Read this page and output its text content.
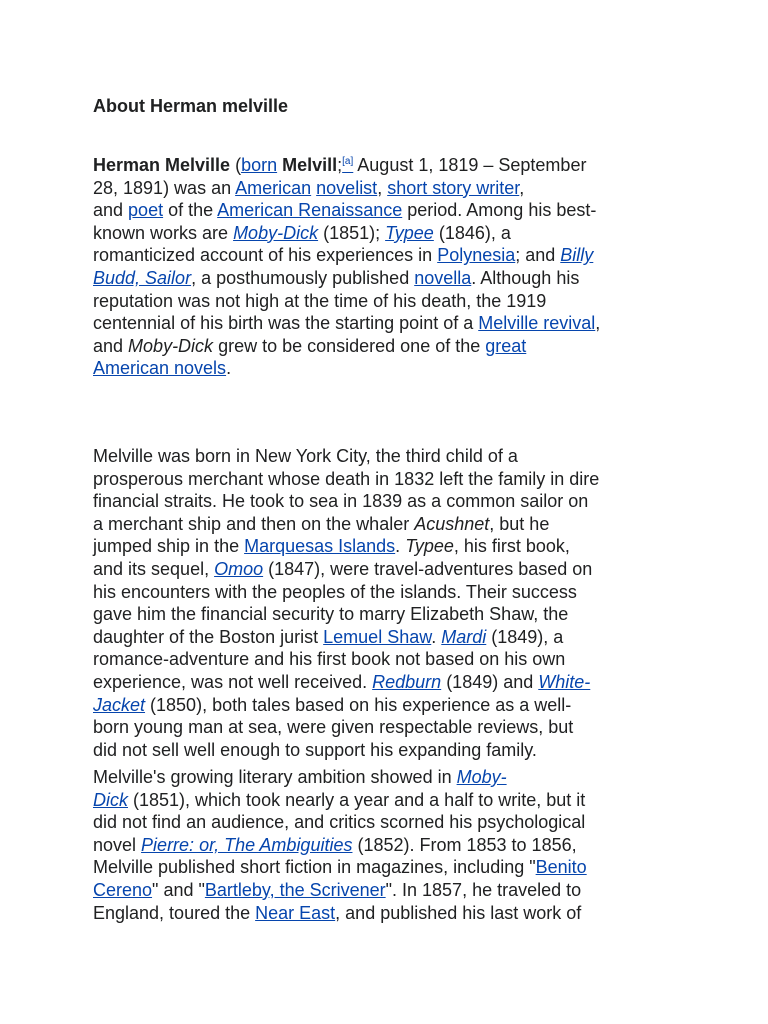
About Herman melville
Herman Melville (born Melvill;[a] August 1, 1819 – September
28, 1891) was an American novelist, short story writer,
and poet of the American Renaissance period. Among his best-
known works are Moby-Dick (1851); Typee (1846), a
romanticized account of his experiences in Polynesia; and Billy
Budd, Sailor, a posthumously published novella. Although his
reputation was not high at the time of his death, the 1919
centennial of his birth was the starting point of a Melville revival,
and Moby-Dick grew to be considered one of the great
American novels.
Melville was born in New York City, the third child of a
prosperous merchant whose death in 1832 left the family in dire
financial straits. He took to sea in 1839 as a common sailor on
a merchant ship and then on the whaler Acushnet, but he
jumped ship in the Marquesas Islands. Typee, his first book,
and its sequel, Omoo (1847), were travel-adventures based on
his encounters with the peoples of the islands. Their success
gave him the financial security to marry Elizabeth Shaw, the
daughter of the Boston jurist Lemuel Shaw. Mardi (1849), a
romance-adventure and his first book not based on his own
experience, was not well received. Redburn (1849) and White-
Jacket (1850), both tales based on his experience as a well-
born young man at sea, were given respectable reviews, but
did not sell well enough to support his expanding family.
Melville's growing literary ambition showed in Moby-
Dick (1851), which took nearly a year and a half to write, but it
did not find an audience, and critics scorned his psychological
novel Pierre: or, The Ambiguities (1852). From 1853 to 1856,
Melville published short fiction in magazines, including "Benito
Cereno" and "Bartleby, the Scrivener". In 1857, he traveled to
England, toured the Near East, and published his last work of
